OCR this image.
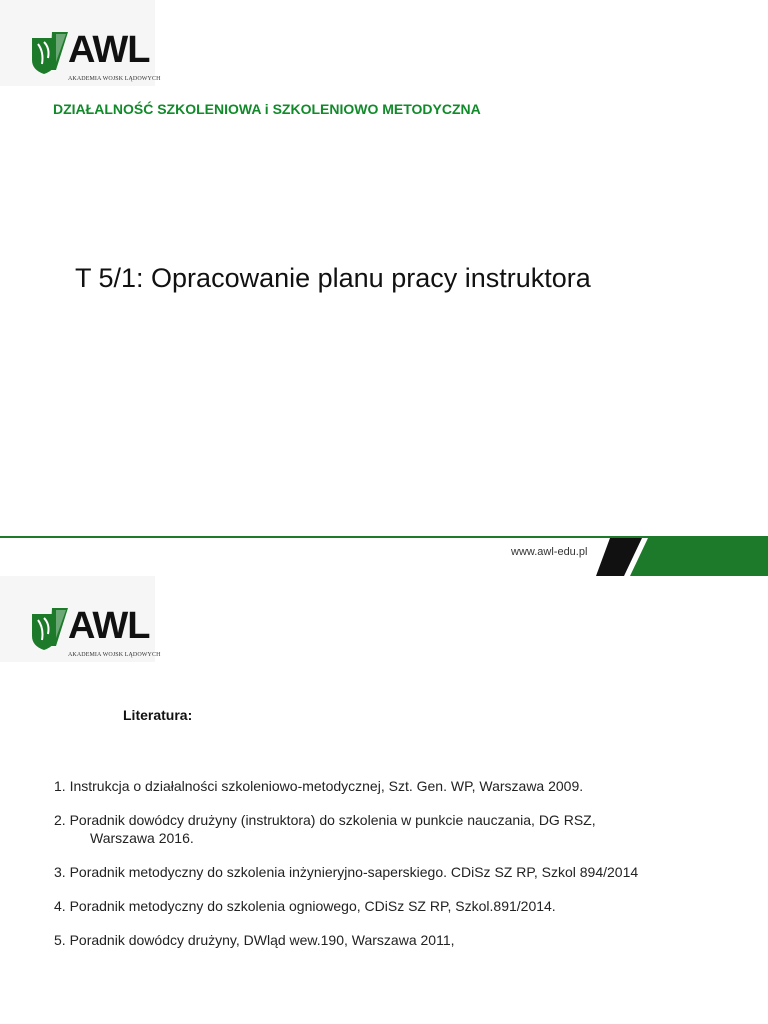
AWL
AKADEMIA WOJSK LĄDOWYCH
DZIAŁALNOŚĆ SZKOLENIOWA i SZKOLENIOWO METODYCZNA
T 5/1: Opracowanie planu pracy instruktora
www.awl-edu.pl
AWL
AKADEMIA WOJSK LĄDOWYCH
Literatura:
1. Instrukcja o działalności szkoleniowo-metodycznej, Szt. Gen. WP, Warszawa 2009.
2. Poradnik dowódcy drużyny (instruktora) do szkolenia w punkcie nauczania, DG RSZ,
Warszawa 2016.
3. Poradnik metodyczny do szkolenia inżynieryjno-saperskiego. CDiSz SZ RP, Szkol 894/2014
4. Poradnik metodyczny do szkolenia ogniowego, CDiSz SZ RP, Szkol.891/2014.
5. Poradnik dowódcy drużyny, DWląd wew.190, Warszawa 2011,
